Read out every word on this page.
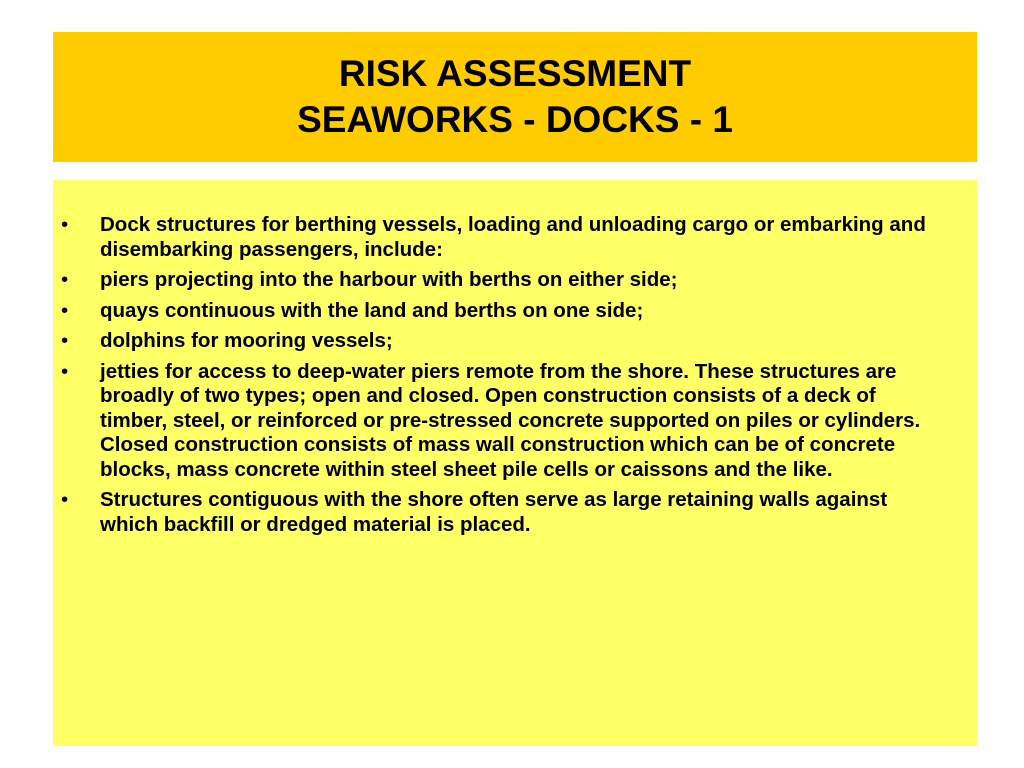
RISK ASSESSMENT
SEAWORKS - DOCKS - 1
• Dock structures for berthing vessels, loading and unloading cargo or embarking and disembarking passengers, include:
• piers projecting into the harbour with berths on either side;
• quays continuous with the land and berths on one side;
• dolphins for mooring vessels;
• jetties for access to deep-water piers remote from the shore. These structures are broadly of two types; open and closed. Open construction consists of a deck of timber, steel, or reinforced or pre-stressed concrete supported on piles or cylinders. Closed construction consists of mass wall construction which can be of concrete blocks, mass concrete within steel sheet pile cells or caissons and the like.
• Structures contiguous with the shore often serve as large retaining walls against which backfill or dredged material is placed.
